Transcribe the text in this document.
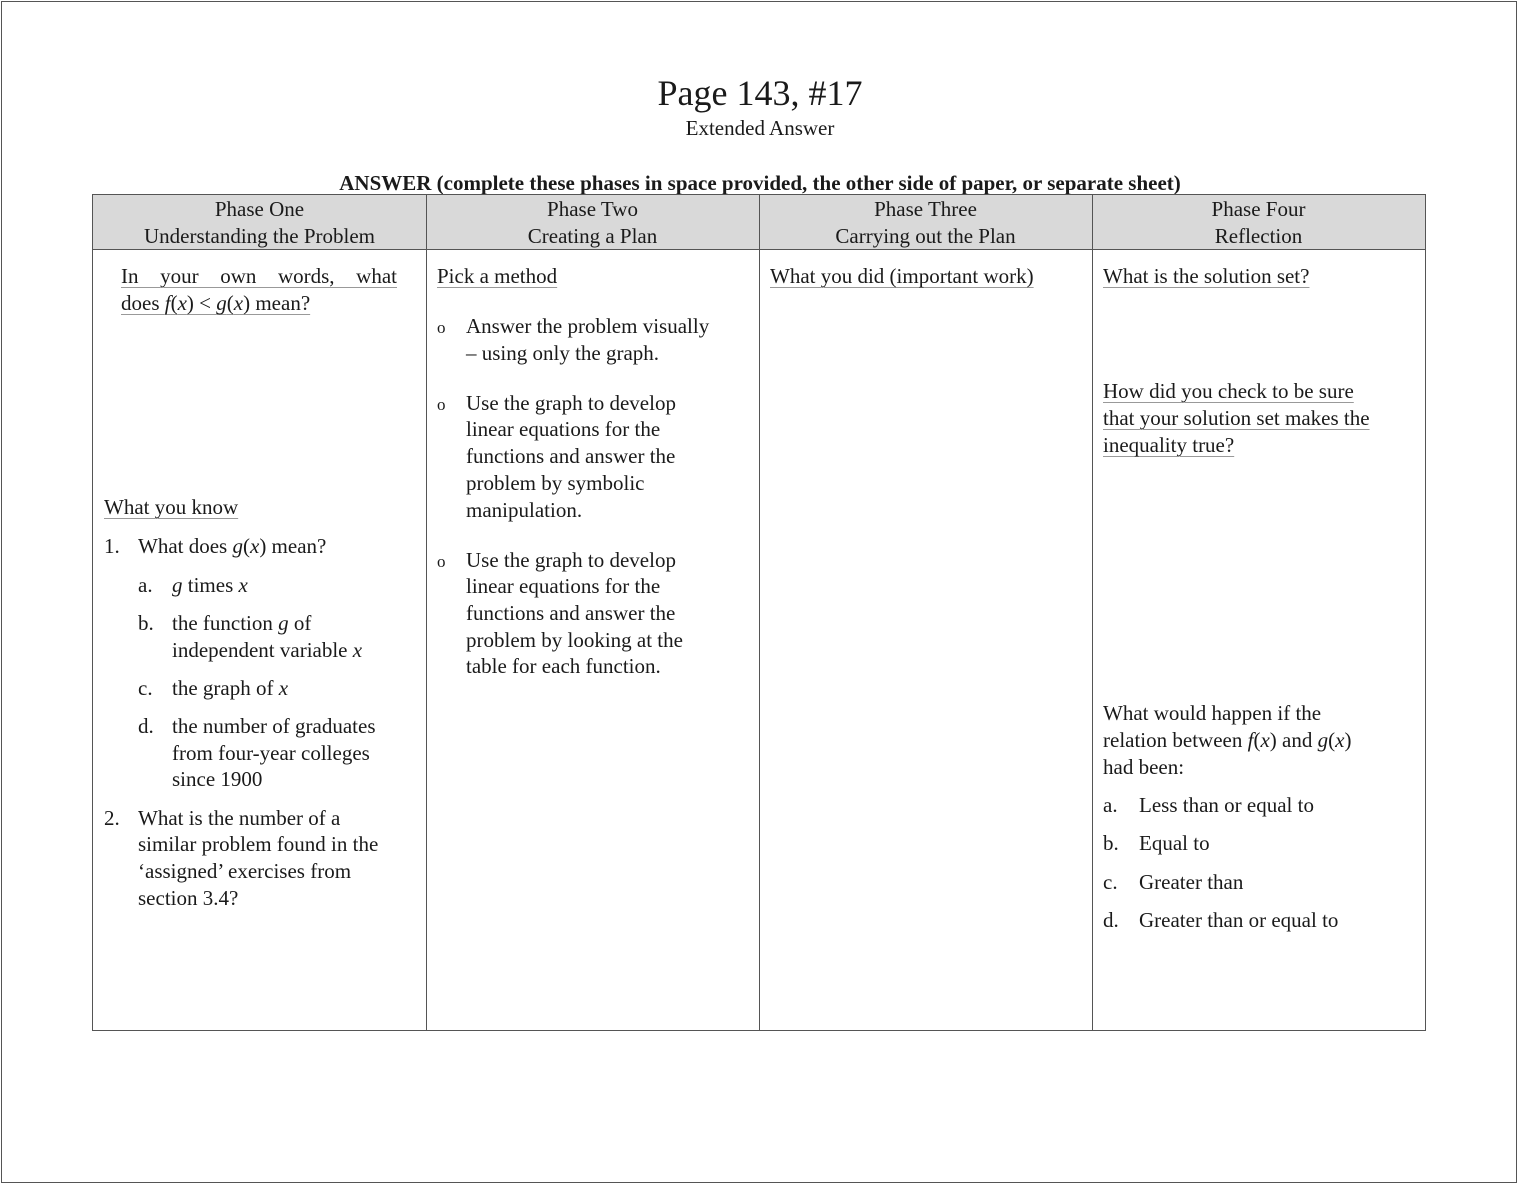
Page 143, #17
Extended Answer
ANSWER (complete these phases in space provided, the other side of paper, or separate sheet)
Phase One
Understanding the Problem
Phase Two
Creating a Plan
Phase Three
Carrying out the Plan
Phase Four
Reflection
In your own words, what
does f(x) < g(x) mean?
What you know
1. What does g(x) mean?
a. g times x
b. the function g of
independent variable x
c. the graph of x
d. the number of graduates
from four-year colleges
since 1900
2. What is the number of a
similar problem found in the
‘assigned’ exercises from
section 3.4?
Pick a method
o Answer the problem visually
– using only the graph.
o Use the graph to develop
linear equations for the
functions and answer the
problem by symbolic
manipulation.
o Use the graph to develop
linear equations for the
functions and answer the
problem by looking at the
table for each function.
What you did (important work)	What is the solution set?
How did you check to be sure
that your solution set makes the
inequality true?
What would happen if the
relation between f(x) and g(x)
had been:
a. Less than or equal to
b. Equal to
c. Greater than
d. Greater than or equal to
